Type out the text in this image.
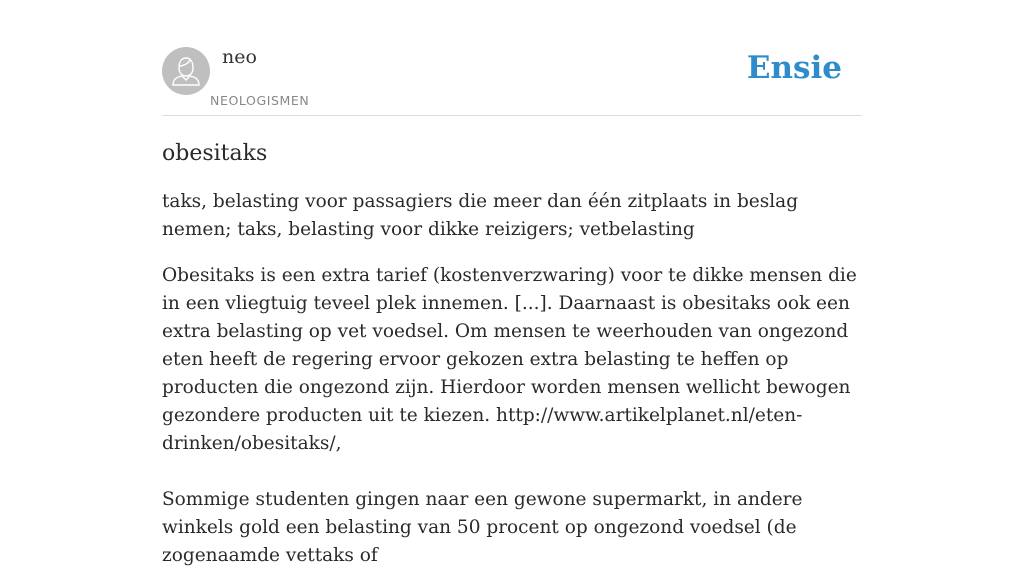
neo
NEOLOGISMEN
Ensie
obesitaks

taks, belasting voor passagiers die meer dan één zitplaats in beslag nemen; taks, belasting voor dikke reizigers; vetbelasting

Obesitaks is een extra tarief (kostenverzwaring) voor te dikke mensen die in een vliegtuig teveel plek innemen. [...]. Daarnaast is obesitaks ook een extra belasting op vet voedsel. Om mensen te weerhouden van ongezond eten heeft de regering ervoor gekozen extra belasting te heffen op producten die ongezond zijn. Hierdoor worden mensen wellicht bewogen gezondere producten uit te kiezen. http://www.artikelplanet.nl/eten-drinken/obesitaks/,

Sommige studenten gingen naar een gewone supermarkt, in andere winkels gold een belasting van 50 procent op ongezond voedsel (de zogenaamde vettaks of
